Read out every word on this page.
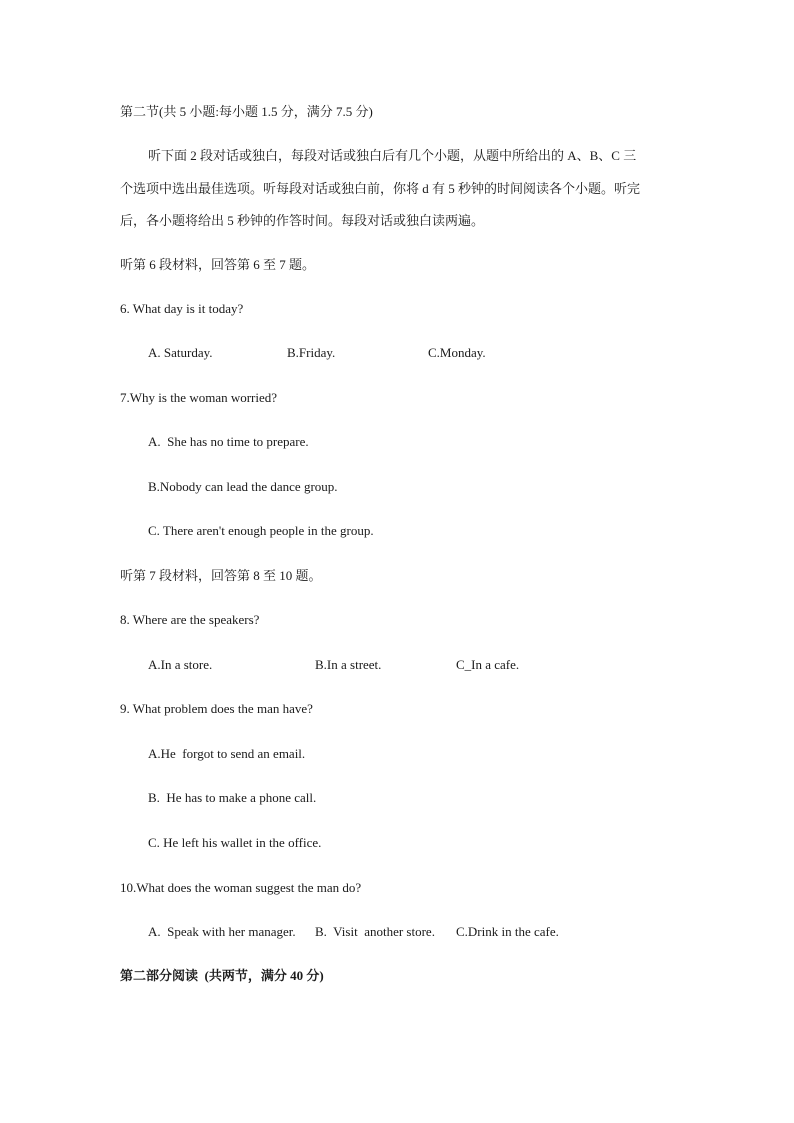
第二节(共 5 小题:每小题 1.5 分，满分 7.5 分)
听下面 2 段对话或独白，每段对话或独白后有几个小题，从题中所给出的 A、B、C 三
个选项中选出最佳选项。听每段对话或独白前，你将 d 有 5 秒钟的时间阅读各个小题。听完
后，各小题将给出 5 秒钟的作答时间。每段对话或独白读两遍。
听第 6 段材料，回答第 6 至 7 题。
6. What day is it today?
A. Saturday.	B.Friday.	C.Monday.
7.Why is the woman worried?
A.  She has no time to prepare.
B.Nobody can lead the dance group.
C. There aren't enough people in the group.
听第 7 段材料，回答第 8 至 10 题。
8. Where are the speakers?
A.In a store.	B.In a street.	C_In a cafe.
9. What problem does the man have?
A.He  forgot to send an email.
B.  He has to make a phone call.
C. He left his wallet in the office.
10.What does the woman suggest the man do?
A.  Speak with her manager. B.  Visit  another store. C.Drink in the cafe.
第二部分阅读  (共两节，满分 40 分)
